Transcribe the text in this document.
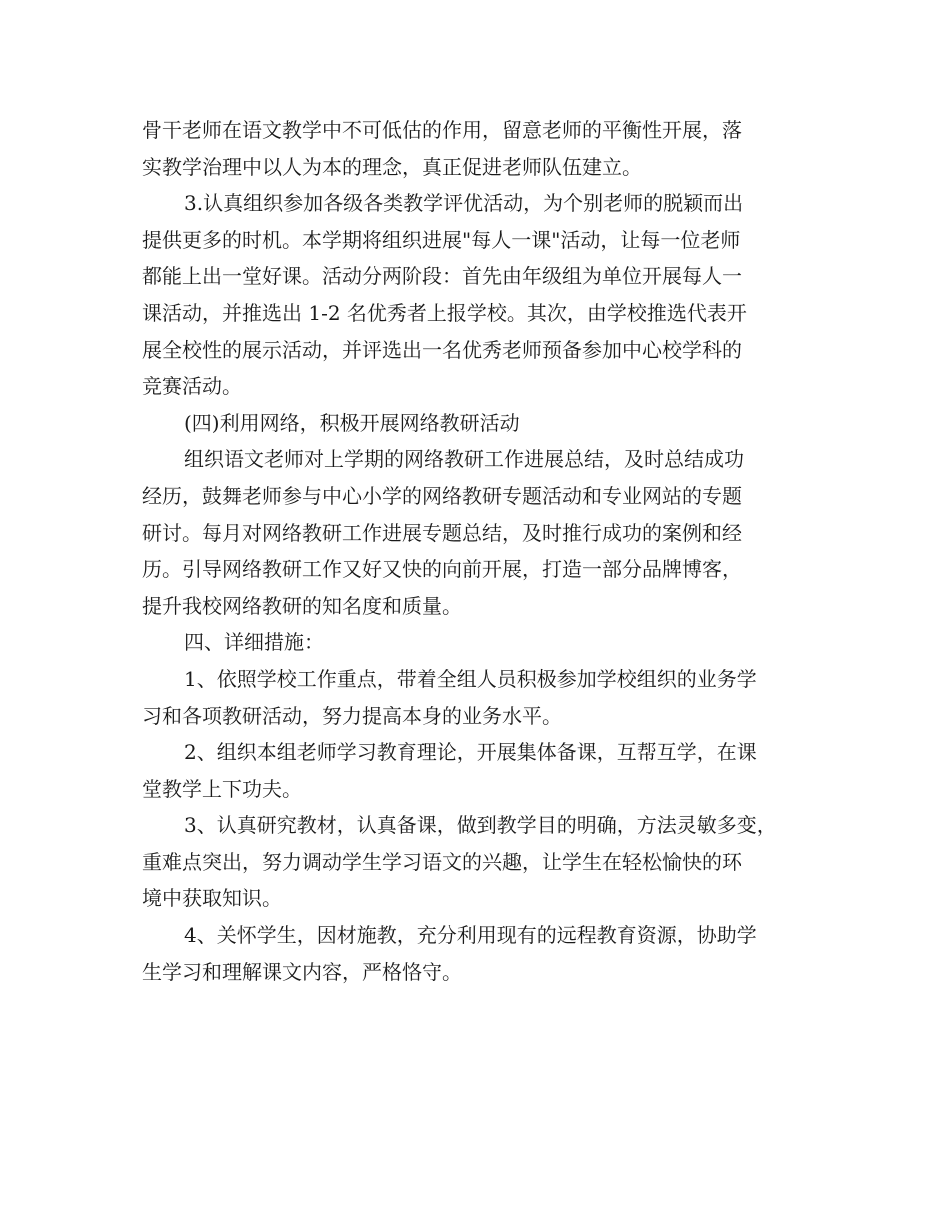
骨干老师在语文教学中不可低估的作用，留意老师的平衡性开展，落
实教学治理中以人为本的理念，真正促进老师队伍建立。
3.认真组织参加各级各类教学评优活动，为个别老师的脱颖而出
提供更多的时机。本学期将组织进展"每人一课"活动，让每一位老师
都能上出一堂好课。活动分两阶段：首先由年级组为单位开展每人一
课活动，并推选出 1-2 名优秀者上报学校。其次，由学校推选代表开
展全校性的展示活动，并评选出一名优秀老师预备参加中心校学科的
竞赛活动。
(四)利用网络，积极开展网络教研活动
组织语文老师对上学期的网络教研工作进展总结，及时总结成功
经历，鼓舞老师参与中心小学的网络教研专题活动和专业网站的专题
研讨。每月对网络教研工作进展专题总结，及时推行成功的案例和经
历。引导网络教研工作又好又快的向前开展，打造一部分品牌博客，
提升我校网络教研的知名度和质量。
四、详细措施：
1、依照学校工作重点，带着全组人员积极参加学校组织的业务学
习和各项教研活动，努力提高本身的业务水平。
2、组织本组老师学习教育理论，开展集体备课，互帮互学，在课
堂教学上下功夫。
3、认真研究教材，认真备课，做到教学目的明确，方法灵敏多变，
重难点突出，努力调动学生学习语文的兴趣，让学生在轻松愉快的环
境中获取知识。
4、关怀学生，因材施教，充分利用现有的远程教育资源，协助学
生学习和理解课文内容，严格恪守。
